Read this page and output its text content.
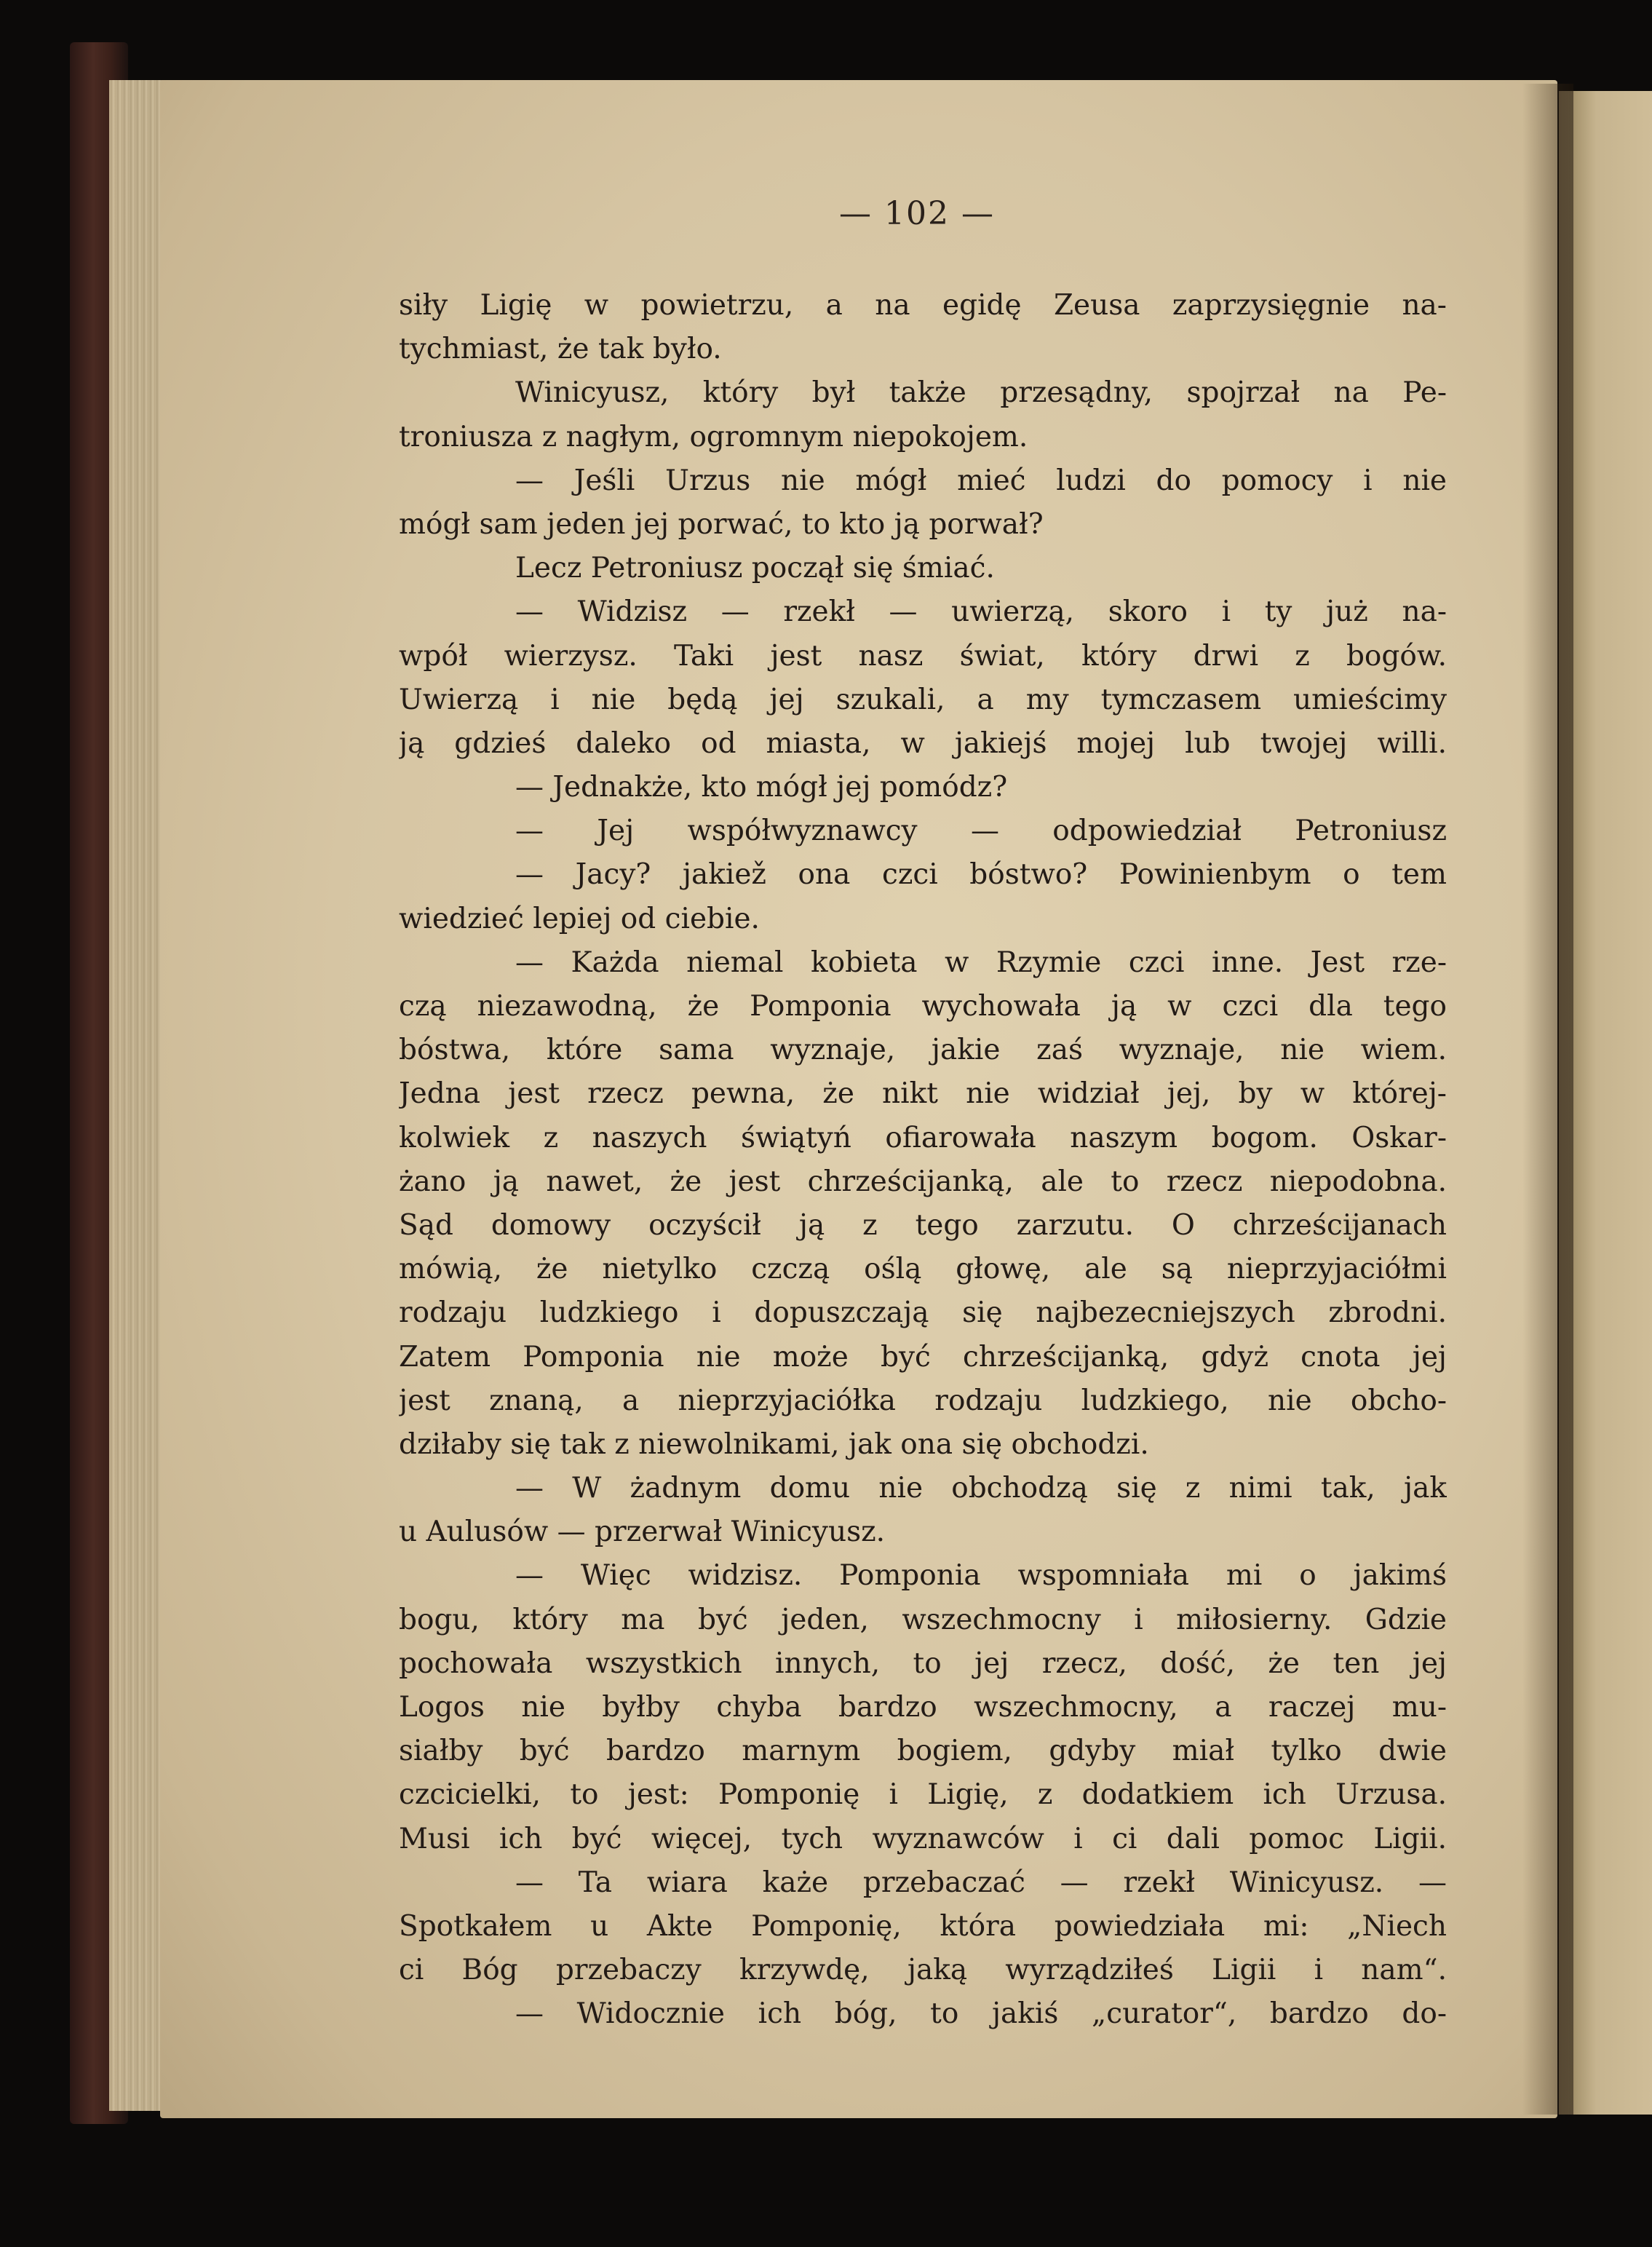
— 102 —
siły Ligię w powietrzu, a na egidę Zeusa zaprzysięgnie na-
tychmiast, że tak było.
Winicyusz, który był także przesądny, spojrzał na Pe-
troniusza z nagłym, ogromnym niepokojem.
— Jeśli Urzus nie mógł mieć ludzi do pomocy i nie
mógł sam jeden jej porwać, to kto ją porwał?
Lecz Petroniusz począł się śmiać.
— Widzisz — rzekł — uwierzą, skoro i ty już na-
wpół wierzysz. Taki jest nasz świat, który drwi z bogów.
Uwierzą i nie będą jej szukali, a my tymczasem umieścimy
ją gdzieś daleko od miasta, w jakiejś mojej lub twojej willi.
— Jednakże, kto mógł jej pomódz?
— Jej współwyznawcy — odpowiedział Petroniusz
— Jacy? jakiež ona czci bóstwo? Powinienbym o tem
wiedzieć lepiej od ciebie.
— Każda niemal kobieta w Rzymie czci inne. Jest rze-
czą niezawodną, że Pomponia wychowała ją w czci dla tego
bóstwa, które sama wyznaje, jakie zaś wyznaje, nie wiem.
Jedna jest rzecz pewna, że nikt nie widział jej, by w której-
kolwiek z naszych świątyń ofiarowała naszym bogom. Oskar-
żano ją nawet, że jest chrześcijanką, ale to rzecz niepodobna.
Sąd domowy oczyścił ją z tego zarzutu. O chrześcijanach
mówią, że nietylko czczą oślą głowę, ale są nieprzyjaciółmi
rodzaju ludzkiego i dopuszczają się najbezecniejszych zbrodni.
Zatem Pomponia nie może być chrześcijanką, gdyż cnota jej
jest znaną, a nieprzyjaciółka rodzaju ludzkiego, nie obcho-
dziłaby się tak z niewolnikami, jak ona się obchodzi.
— W żadnym domu nie obchodzą się z nimi tak, jak
u Aulusów — przerwał Winicyusz.
— Więc widzisz. Pomponia wspomniała mi o jakimś
bogu, który ma być jeden, wszechmocny i miłosierny. Gdzie
pochowała wszystkich innych, to jej rzecz, dość, że ten jej
Logos nie byłby chyba bardzo wszechmocny, a raczej mu-
siałby być bardzo marnym bogiem, gdyby miał tylko dwie
czcicielki, to jest: Pomponię i Ligię, z dodatkiem ich Urzusa.
Musi ich być więcej, tych wyznawców i ci dali pomoc Ligii.
— Ta wiara każe przebaczać — rzekł Winicyusz. —
Spotkałem u Akte Pomponię, która powiedziała mi: „Niech
ci Bóg przebaczy krzywdę, jaką wyrządziłeś Ligii i nam“.
— Widocznie ich bóg, to jakiś „curator“, bardzo do-
